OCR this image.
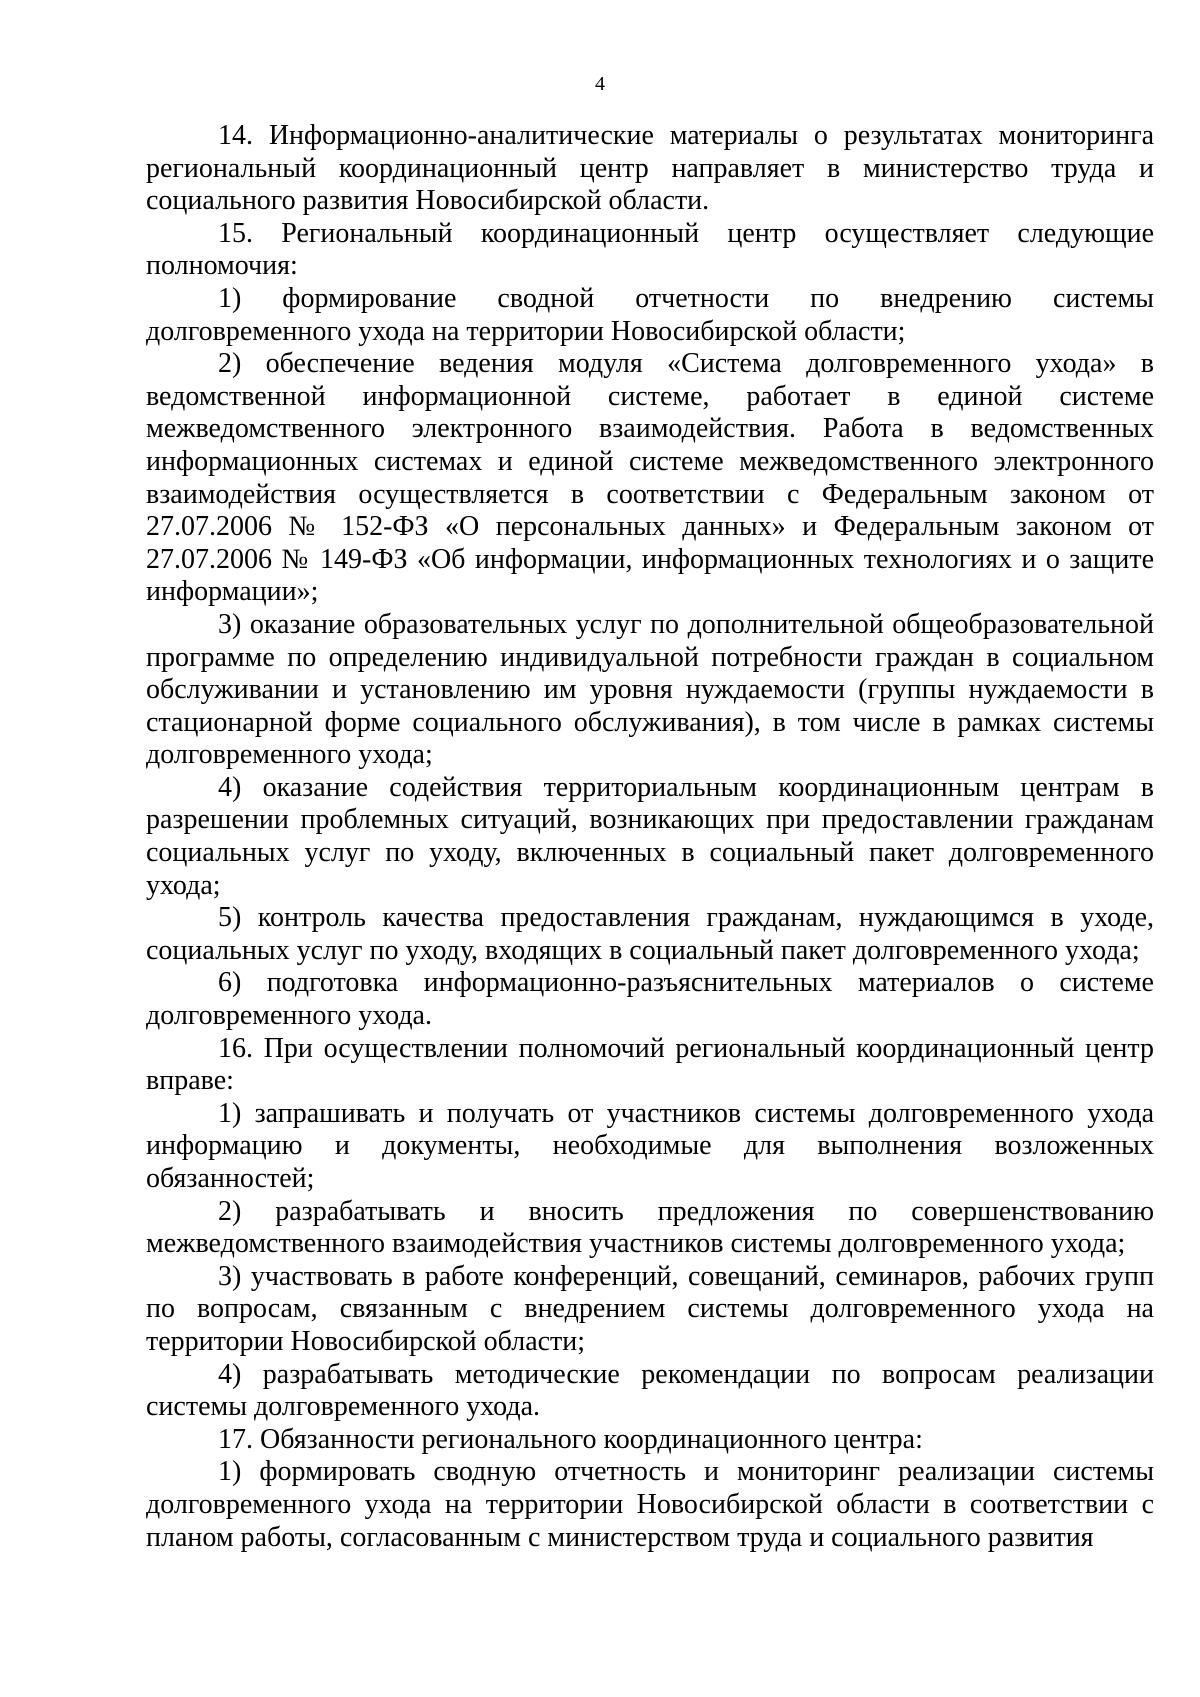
4

14. Информационно-аналитические материалы о результатах мониторинга региональный координационный центр направляет в министерство труда и социального развития Новосибирской области.

15. Региональный координационный центр осуществляет следующие полномочия:

1) формирование сводной отчетности по внедрению системы долговременного ухода на территории Новосибирской области;

2) обеспечение ведения модуля «Система долговременного ухода» в ведомственной информационной системе, работает в единой системе межведомственного электронного взаимодействия. Работа в ведомственных информационных системах и единой системе межведомственного электронного взаимодействия осуществляется в соответствии с Федеральным законом от 27.07.2006 № 152-ФЗ «О персональных данных» и Федеральным законом от 27.07.2006 № 149-ФЗ «Об информации, информационных технологиях и о защите информации»;

3) оказание образовательных услуг по дополнительной общеобразовательной программе по определению индивидуальной потребности граждан в социальном обслуживании и установлению им уровня нуждаемости (группы нуждаемости в стационарной форме социального обслуживания), в том числе в рамках системы долговременного ухода;

4) оказание содействия территориальным координационным центрам в разрешении проблемных ситуаций, возникающих при предоставлении гражданам социальных услуг по уходу, включенных в социальный пакет долговременного ухода;

5) контроль качества предоставления гражданам, нуждающимся в уходе, социальных услуг по уходу, входящих в социальный пакет долговременного ухода;

6) подготовка информационно-разъяснительных материалов о системе долговременного ухода.

16. При осуществлении полномочий региональный координационный центр вправе:

1) запрашивать и получать от участников системы долговременного ухода информацию и документы, необходимые для выполнения возложенных обязанностей;

2) разрабатывать и вносить предложения по совершенствованию межведомственного взаимодействия участников системы долговременного ухода;

3) участвовать в работе конференций, совещаний, семинаров, рабочих групп по вопросам, связанным с внедрением системы долговременного ухода на территории Новосибирской области;

4) разрабатывать методические рекомендации по вопросам реализации системы долговременного ухода.

17. Обязанности регионального координационного центра:

1) формировать сводную отчетность и мониторинг реализации системы долговременного ухода на территории Новосибирской области в соответствии с планом работы, согласованным с министерством труда и социального развития
